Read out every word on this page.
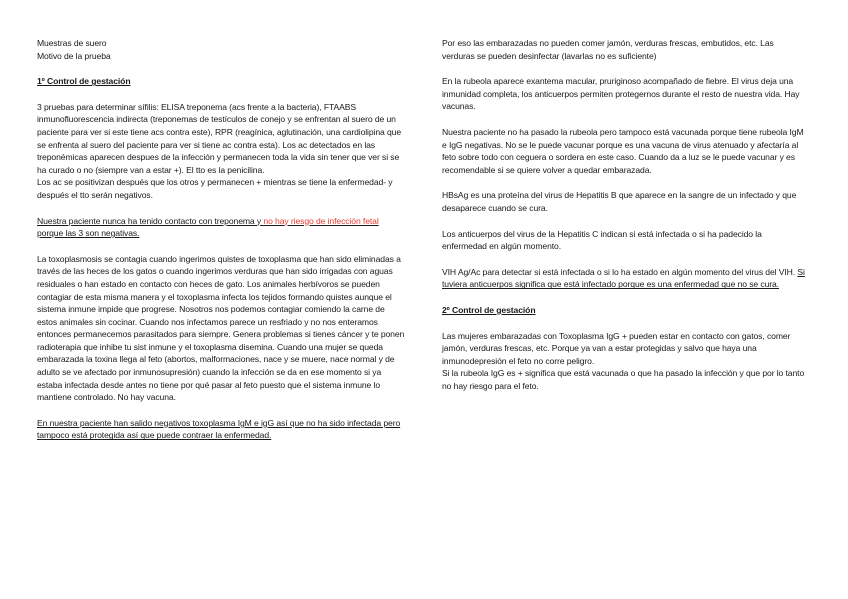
Muestras de suero
Motivo de la prueba
1º Control de gestación
3 pruebas para determinar sífilis: ELISA treponema (acs frente a la bacteria), FTAABS inmunofluorescencia indirecta (treponemas de testículos de conejo y se enfrentan al suero de un paciente para ver si este tiene acs contra este), RPR (reagínica, aglutinación, una cardiolipina que se enfrenta al suero del paciente para ver si tiene ac contra esta). Los ac detectados en las treponémicas aparecen despues de la infección y permanecen toda la vida sin tener que ver si se ha curado o no (siempre van a estar +). El tto es la penicilina.
Los ac se positivizan después que los otros y permanecen + mientras se tiene la enfermedad- y después el tto serán negativos.
Nuestra paciente nunca ha tenido contacto con treponema y no hay riesgo de infección fetal porque las 3 son negativas.
La toxoplasmosis se contagia cuando ingerimos quistes de toxoplasma que han sido eliminadas a través de las heces de los gatos o cuando ingerimos verduras que han sido irrigadas con aguas residuales o han estado en contacto con heces de gato. Los animales herbívoros se pueden contagiar de esta misma manera y el toxoplasma infecta los tejidos formando quistes aunque el sistema inmune impide que progrese. Nosotros nos podemos contagiar comiendo la carne de estos animales sin cocinar. Cuando nos infectamos parece un resfriado y no nos enteramos entonces permanecemos parasitados para siempre. Genera problemas si tienes cáncer y te ponen radioterapia que inhibe tu sist inmune y el toxoplasma disemina. Cuando una mujer se queda embarazada la toxina llega al feto (abortos, malformaciones, nace y se muere, nace normal y de adulto se ve afectado por inmunosupresión) cuando la infección se da en ese momento si ya estaba infectada desde antes no tiene por qué pasar al feto puesto que el sistema inmune lo mantiene controlado. No hay vacuna.
En nuestra paciente han salido negativos toxoplasma IgM e igG así que no ha sido infectada pero tampoco está protegida así que puede contraer la enfermedad.
Por eso las embarazadas no pueden comer jamón, verduras frescas, embutidos, etc. Las verduras se pueden desinfectar (lavarlas no es suficiente)
En la rubeola aparece exantema macular, pruriginoso acompañado de fiebre. El virus deja una inmunidad completa, los anticuerpos permiten protegernos durante el resto de nuestra vida. Hay vacunas.
Nuestra paciente no ha pasado la rubeola pero tampoco está vacunada porque tiene rubeola IgM e IgG negativas. No se le puede vacunar porque es una vacuna de virus atenuado y afectaría al feto sobre todo con ceguera o sordera en este caso. Cuando da a luz se le puede vacunar y es recomendable si se quiere volver a quedar embarazada.
HBsAg es una proteína del virus de Hepatitis B que aparece en la sangre de un infectado y que desaparece cuando se cura.
Los anticuerpos del virus de la Hepatitis C indican si está infectada o si ha padecido la enfermedad en algún momento.
VIH Ag/Ac para detectar si está infectada o si lo ha estado en algún momento del virus del VIH. Si tuviera anticuerpos significa que está infectado porque es una enfermedad que no se cura.
2º Control de gestación
Las mujeres embarazadas con Toxoplasma IgG + pueden estar en contacto con gatos, comer jamón, verduras frescas, etc. Porque ya van a estar protegidas y salvo que haya una inmunodepresión el feto no corre peligro.
Si la rubeola IgG es + significa que está vacunada o que ha pasado la infección y que por lo tanto no hay riesgo para el feto.
